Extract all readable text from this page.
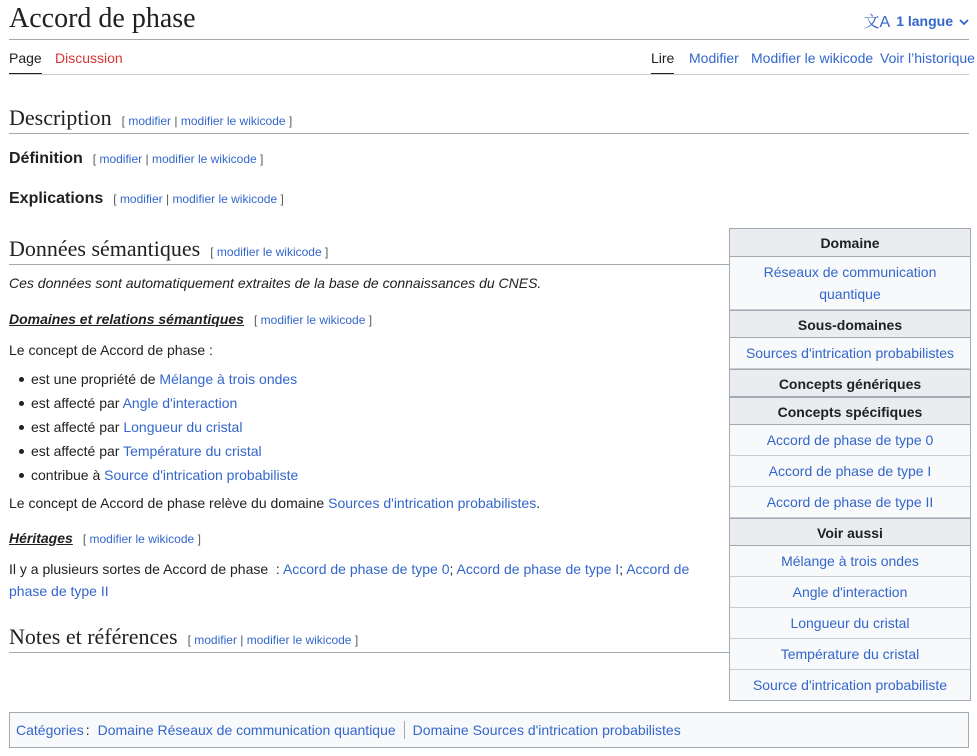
Accord de phase	文A 1 langue
Page Discussion	Lire Modifier Modifier le wikicode Voir l’historique
Description [ modifier | modifier le wikicode ]
Définition [ modifier | modifier le wikicode ]
Explications [ modifier | modifier le wikicode ]
Données sémantiques [ modifier le wikicode ]
Ces données sont automatiquement extraites de la base de connaissances du CNES.
Domaines et relations sémantiques [ modifier le wikicode ]
Le concept de Accord de phase :
est une propriété de Mélange à trois ondes
est affecté par Angle d'interaction
est affecté par Longueur du cristal
est affecté par Température du cristal
contribue à Source d'intrication probabiliste
Le concept de Accord de phase relève du domaine Sources d'intrication probabilistes.
Héritages [ modifier le wikicode ]
Il y a plusieurs sortes de Accord de phase  : Accord de phase de type 0; Accord de phase de type I; Accord de phase de type II
Notes et références [ modifier | modifier le wikicode ]
Domaine
Réseaux de communication quantique
Sous-domaines
Sources d'intrication probabilistes
Concepts génériques
Concepts spécifiques
Accord de phase de type 0
Accord de phase de type I
Accord de phase de type II
Voir aussi
Mélange à trois ondes
Angle d'interaction
Longueur du cristal
Température du cristal
Source d'intrication probabiliste
Catégories : Domaine Réseaux de communication quantique Domaine Sources d'intrication probabilistes
